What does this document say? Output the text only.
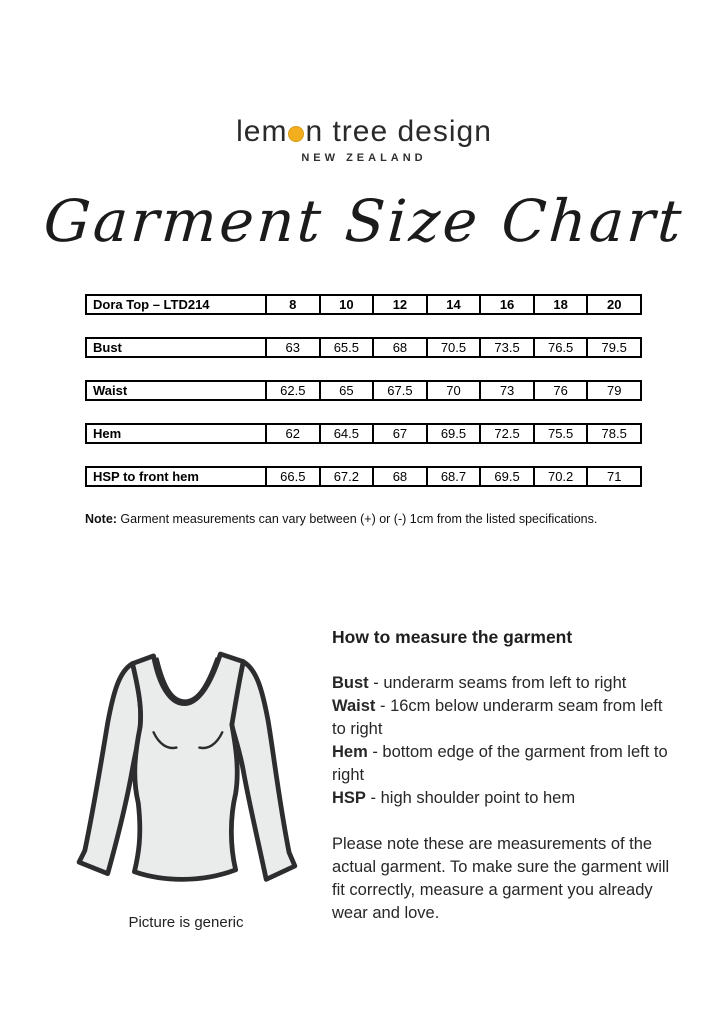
lem n tree design
NEW ZEALAND
Garment Size Chart
Dora Top – LTD214	8	10	12	14	16	18	20
Bust	63	65.5	68	70.5	73.5	76.5	79.5
Waist	62.5	65	67.5	70	73	76	79
Hem	62	64.5	67	69.5	72.5	75.5	78.5
HSP to front hem	66.5	67.2	68	68.7	69.5	70.2	71
Note: Garment measurements can vary between (+) or (-) 1cm from the listed specifications.
Picture is generic
How to measure the garment
Bust - underarm seams from left to right
Waist - 16cm below underarm seam from left to right
Hem - bottom edge of the garment from left to right
HSP - high shoulder point to hem
Please note these are measurements of the actual garment. To make sure the garment will fit correctly, measure a garment you already wear and love.
